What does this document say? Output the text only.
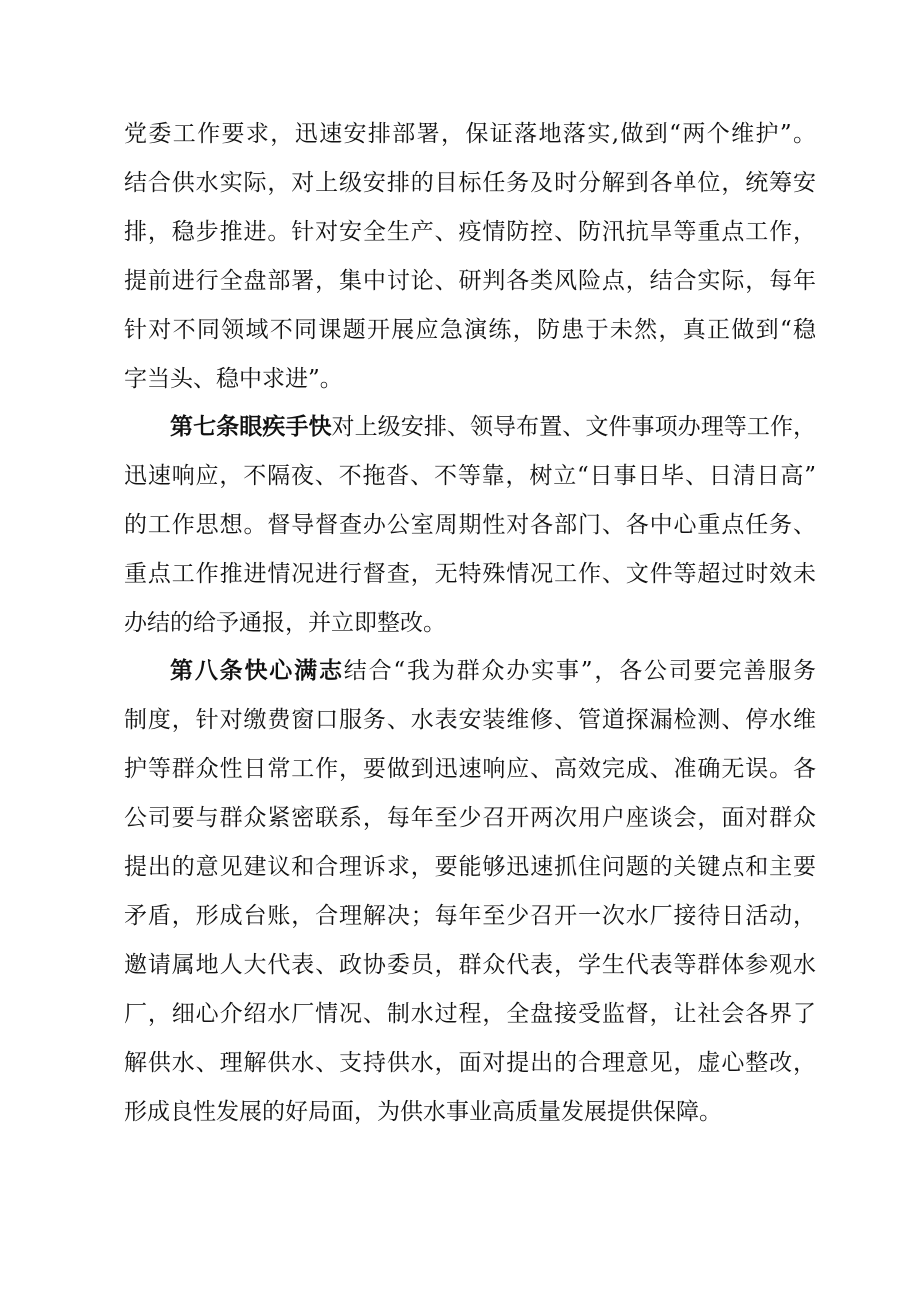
党委工作要求，迅速安排部署，保证落地落实,做到“两个维护”。
结合供水实际，对上级安排的目标任务及时分解到各单位，统筹安
排，稳步推进。针对安全生产、疫情防控、防汛抗旱等重点工作，
提前进行全盘部署，集中讨论、研判各类风险点，结合实际，每年
针对不同领域不同课题开展应急演练，防患于未然，真正做到“稳
字当头、稳中求进”。
第七条眼疾手快对上级安排、领导布置、文件事项办理等工作，
迅速响应，不隔夜、不拖沓、不等靠，树立“日事日毕、日清日高”
的工作思想。督导督查办公室周期性对各部门、各中心重点任务、
重点工作推进情况进行督查，无特殊情况工作、文件等超过时效未
办结的给予通报，并立即整改。
第八条快心满志结合“我为群众办实事”，各公司要完善服务
制度，针对缴费窗口服务、水表安装维修、管道探漏检测、停水维
护等群众性日常工作，要做到迅速响应、高效完成、准确无误。各
公司要与群众紧密联系，每年至少召开两次用户座谈会，面对群众
提出的意见建议和合理诉求，要能够迅速抓住问题的关键点和主要
矛盾，形成台账，合理解决；每年至少召开一次水厂接待日活动，
邀请属地人大代表、政协委员，群众代表，学生代表等群体参观水
厂，细心介绍水厂情况、制水过程，全盘接受监督，让社会各界了
解供水、理解供水、支持供水，面对提出的合理意见，虚心整改，
形成良性发展的好局面，为供水事业高质量发展提供保障。
